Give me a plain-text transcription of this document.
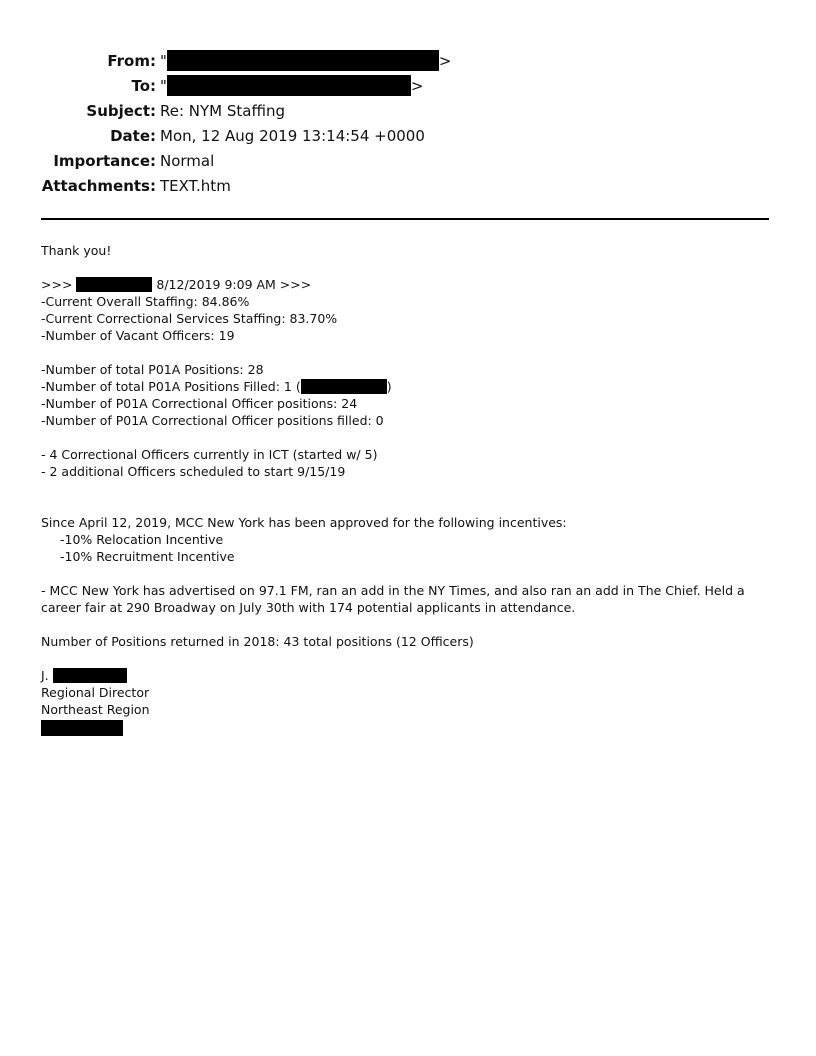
From: "	>
To: "	>
Subject: Re: NYM Staffing
Date: Mon, 12 Aug 2019 13:14:54 +0000
Importance: Normal
Attachments: TEXT.htm
Thank you!
>>>	8/12/2019 9:09 AM >>>
-Current Overall Staffing: 84.86%
-Current Correctional Services Staffing: 83.70%
-Number of Vacant Officers: 19
-Number of total P01A Positions: 28
-Number of total P01A Positions Filled: 1 (	)
-Number of P01A Correctional Officer positions: 24
-Number of P01A Correctional Officer positions filled: 0
- 4 Correctional Officers currently in ICT (started w/ 5)
- 2 additional Officers scheduled to start 9/15/19
Since April 12, 2019, MCC New York has been approved for the following incentives:
-10% Relocation Incentive
-10% Recruitment Incentive
- MCC New York has advertised on 97.1 FM, ran an add in the NY Times, and also ran an add in The Chief. Held a career fair at 290 Broadway on July 30th with 174 potential applicants in attendance.
Number of Positions returned in 2018: 43 total positions (12 Officers)
J.
Regional Director
Northeast Region
